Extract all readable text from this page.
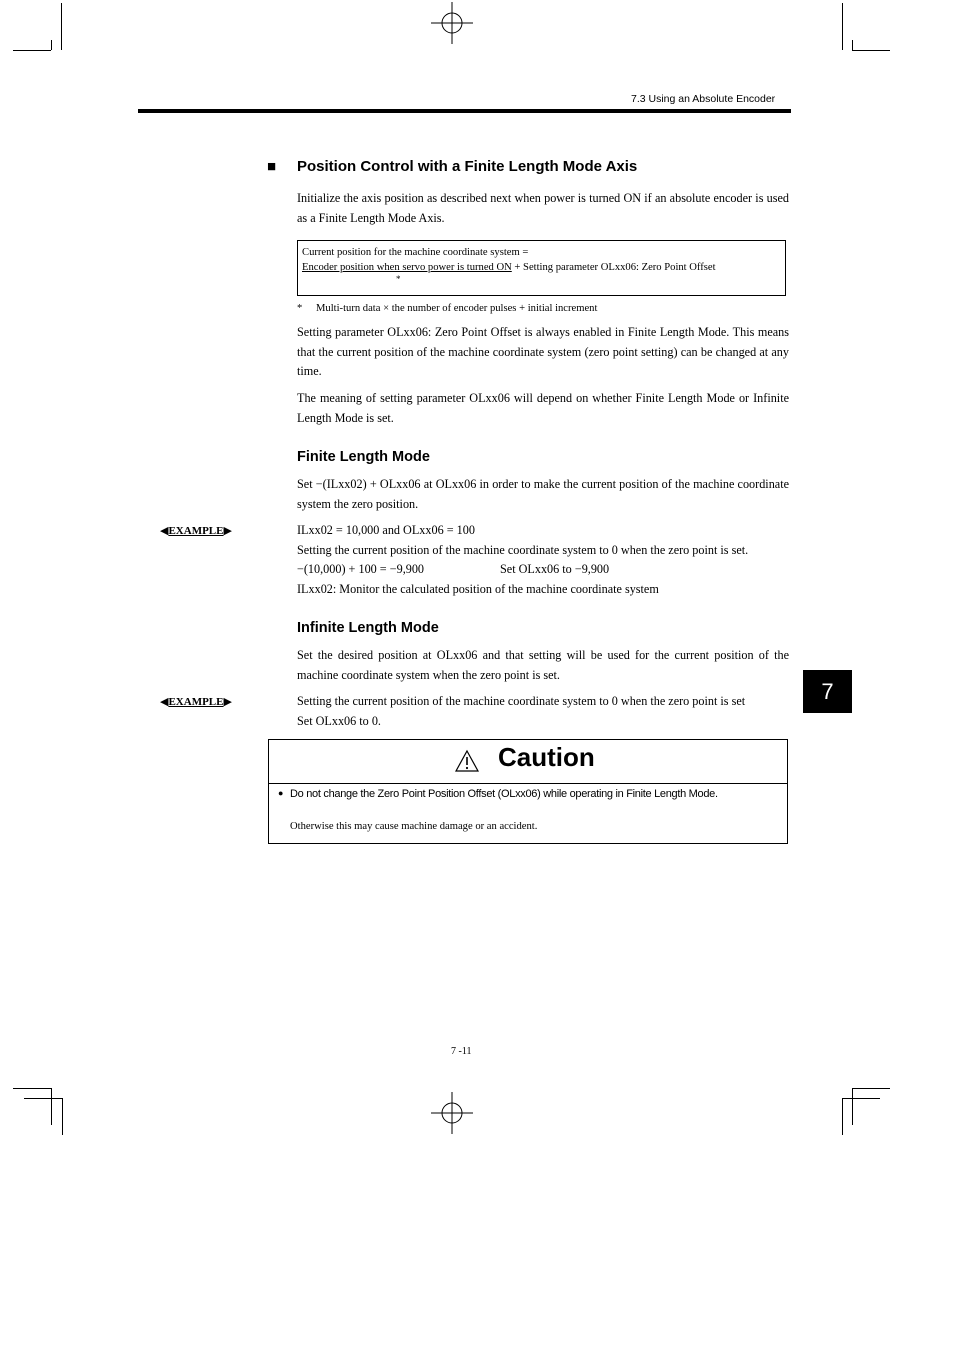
7.3 Using an Absolute Encoder
■ Position Control with a Finite Length Mode Axis

Initialize the axis position as described next when power is turned ON if an absolute encoder is used as a Finite Length Mode Axis.

Current position for the machine coordinate system =
Encoder position when servo power is turned ON + Setting parameter OLxx06: Zero Point Offset
*
* Multi-turn data × the number of encoder pulses + initial increment

Setting parameter OLxx06: Zero Point Offset is always enabled in Finite Length Mode. This means that the current position of the machine coordinate system (zero point setting) can be changed at any time.

The meaning of setting parameter OLxx06 will depend on whether Finite Length Mode or Infinite Length Mode is set.

Finite Length Mode

Set −(ILxx02) + OLxx06 at OLxx06 in order to make the current position of the machine coordinate system the zero position.

◀EXAMPLE▶	ILxx02 = 10,000 and OLxx06 = 100
Setting the current position of the machine coordinate system to 0 when the zero point is set.
−(10,000) + 100 = −9,900	Set OLxx06 to −9,900
ILxx02: Monitor the calculated position of the machine coordinate system
Infinite Length Mode

Set the desired position at OLxx06 and that setting will be used for the current position of the machine coordinate system when the zero point is set.

◀EXAMPLE▶	Setting the current position of the machine coordinate system to 0 when the zero point is set
Set OLxx06 to 0.
7
Caution
● Do not change the Zero Point Position Offset (OLxx06) while operating in Finite Length Mode.
Otherwise this may cause machine damage or an accident.
7 -11
